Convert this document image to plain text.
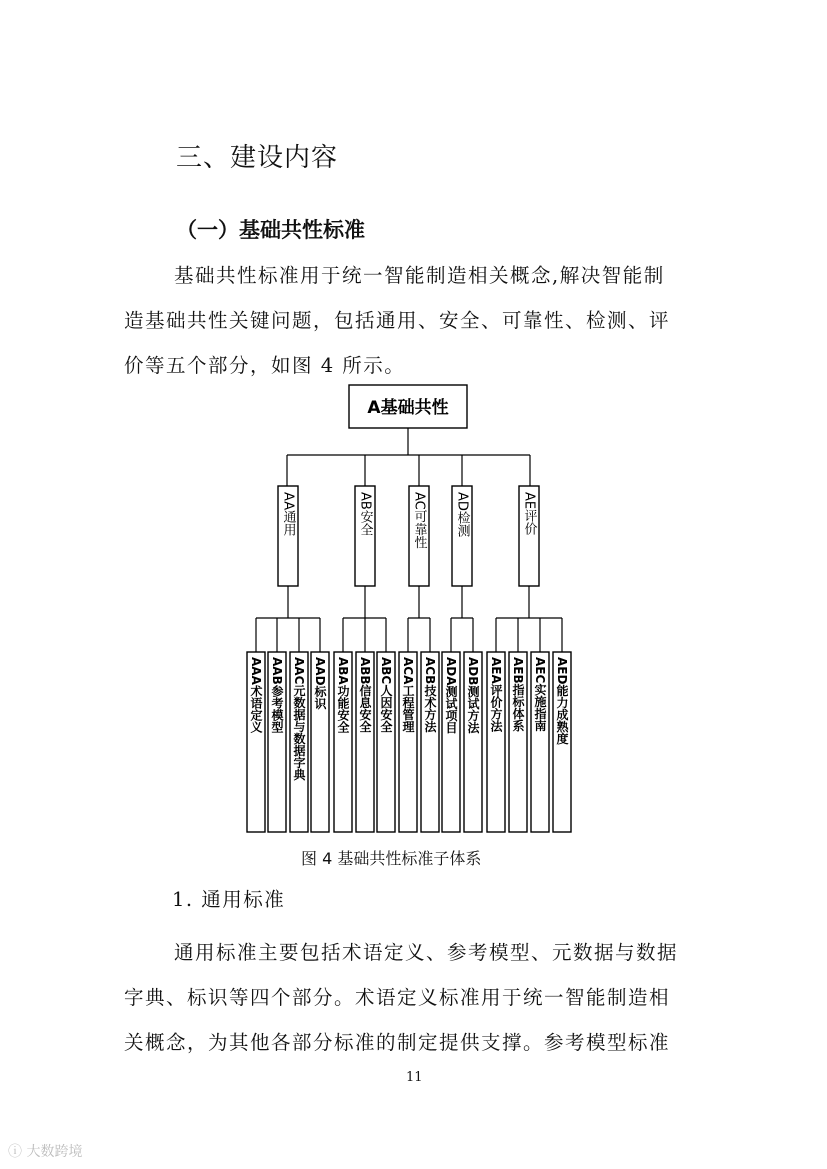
三、建设内容
（一）基础共性标准
基础共性标准用于统一智能制造相关概念,解决智能制
造基础共性关键问题，包括通用、安全、可靠性、检测、评
价等五个部分，如图 4 所示。
A基础共性
AA通用	AB安全	AC可靠性 AD检测	AE评价
AAA术语定义 AAB参考模型 AAC元数据与数据字典 AAD标识 ABA功能安全 ABB信息安全 ABC人因安全 ACA工程管理 ACB技术方法 ADA测试项目 ADB测试方法 AEA评价方法 AEB指标体系 AEC实施指南 AED能力成熟度
图 4 基础共性标准子体系
1. 通用标准
通用标准主要包括术语定义、参考模型、元数据与数据
字典、标识等四个部分。术语定义标准用于统一智能制造相
关概念，为其他各部分标准的制定提供支撑。参考模型标准
11
ⓘ 大数跨境
